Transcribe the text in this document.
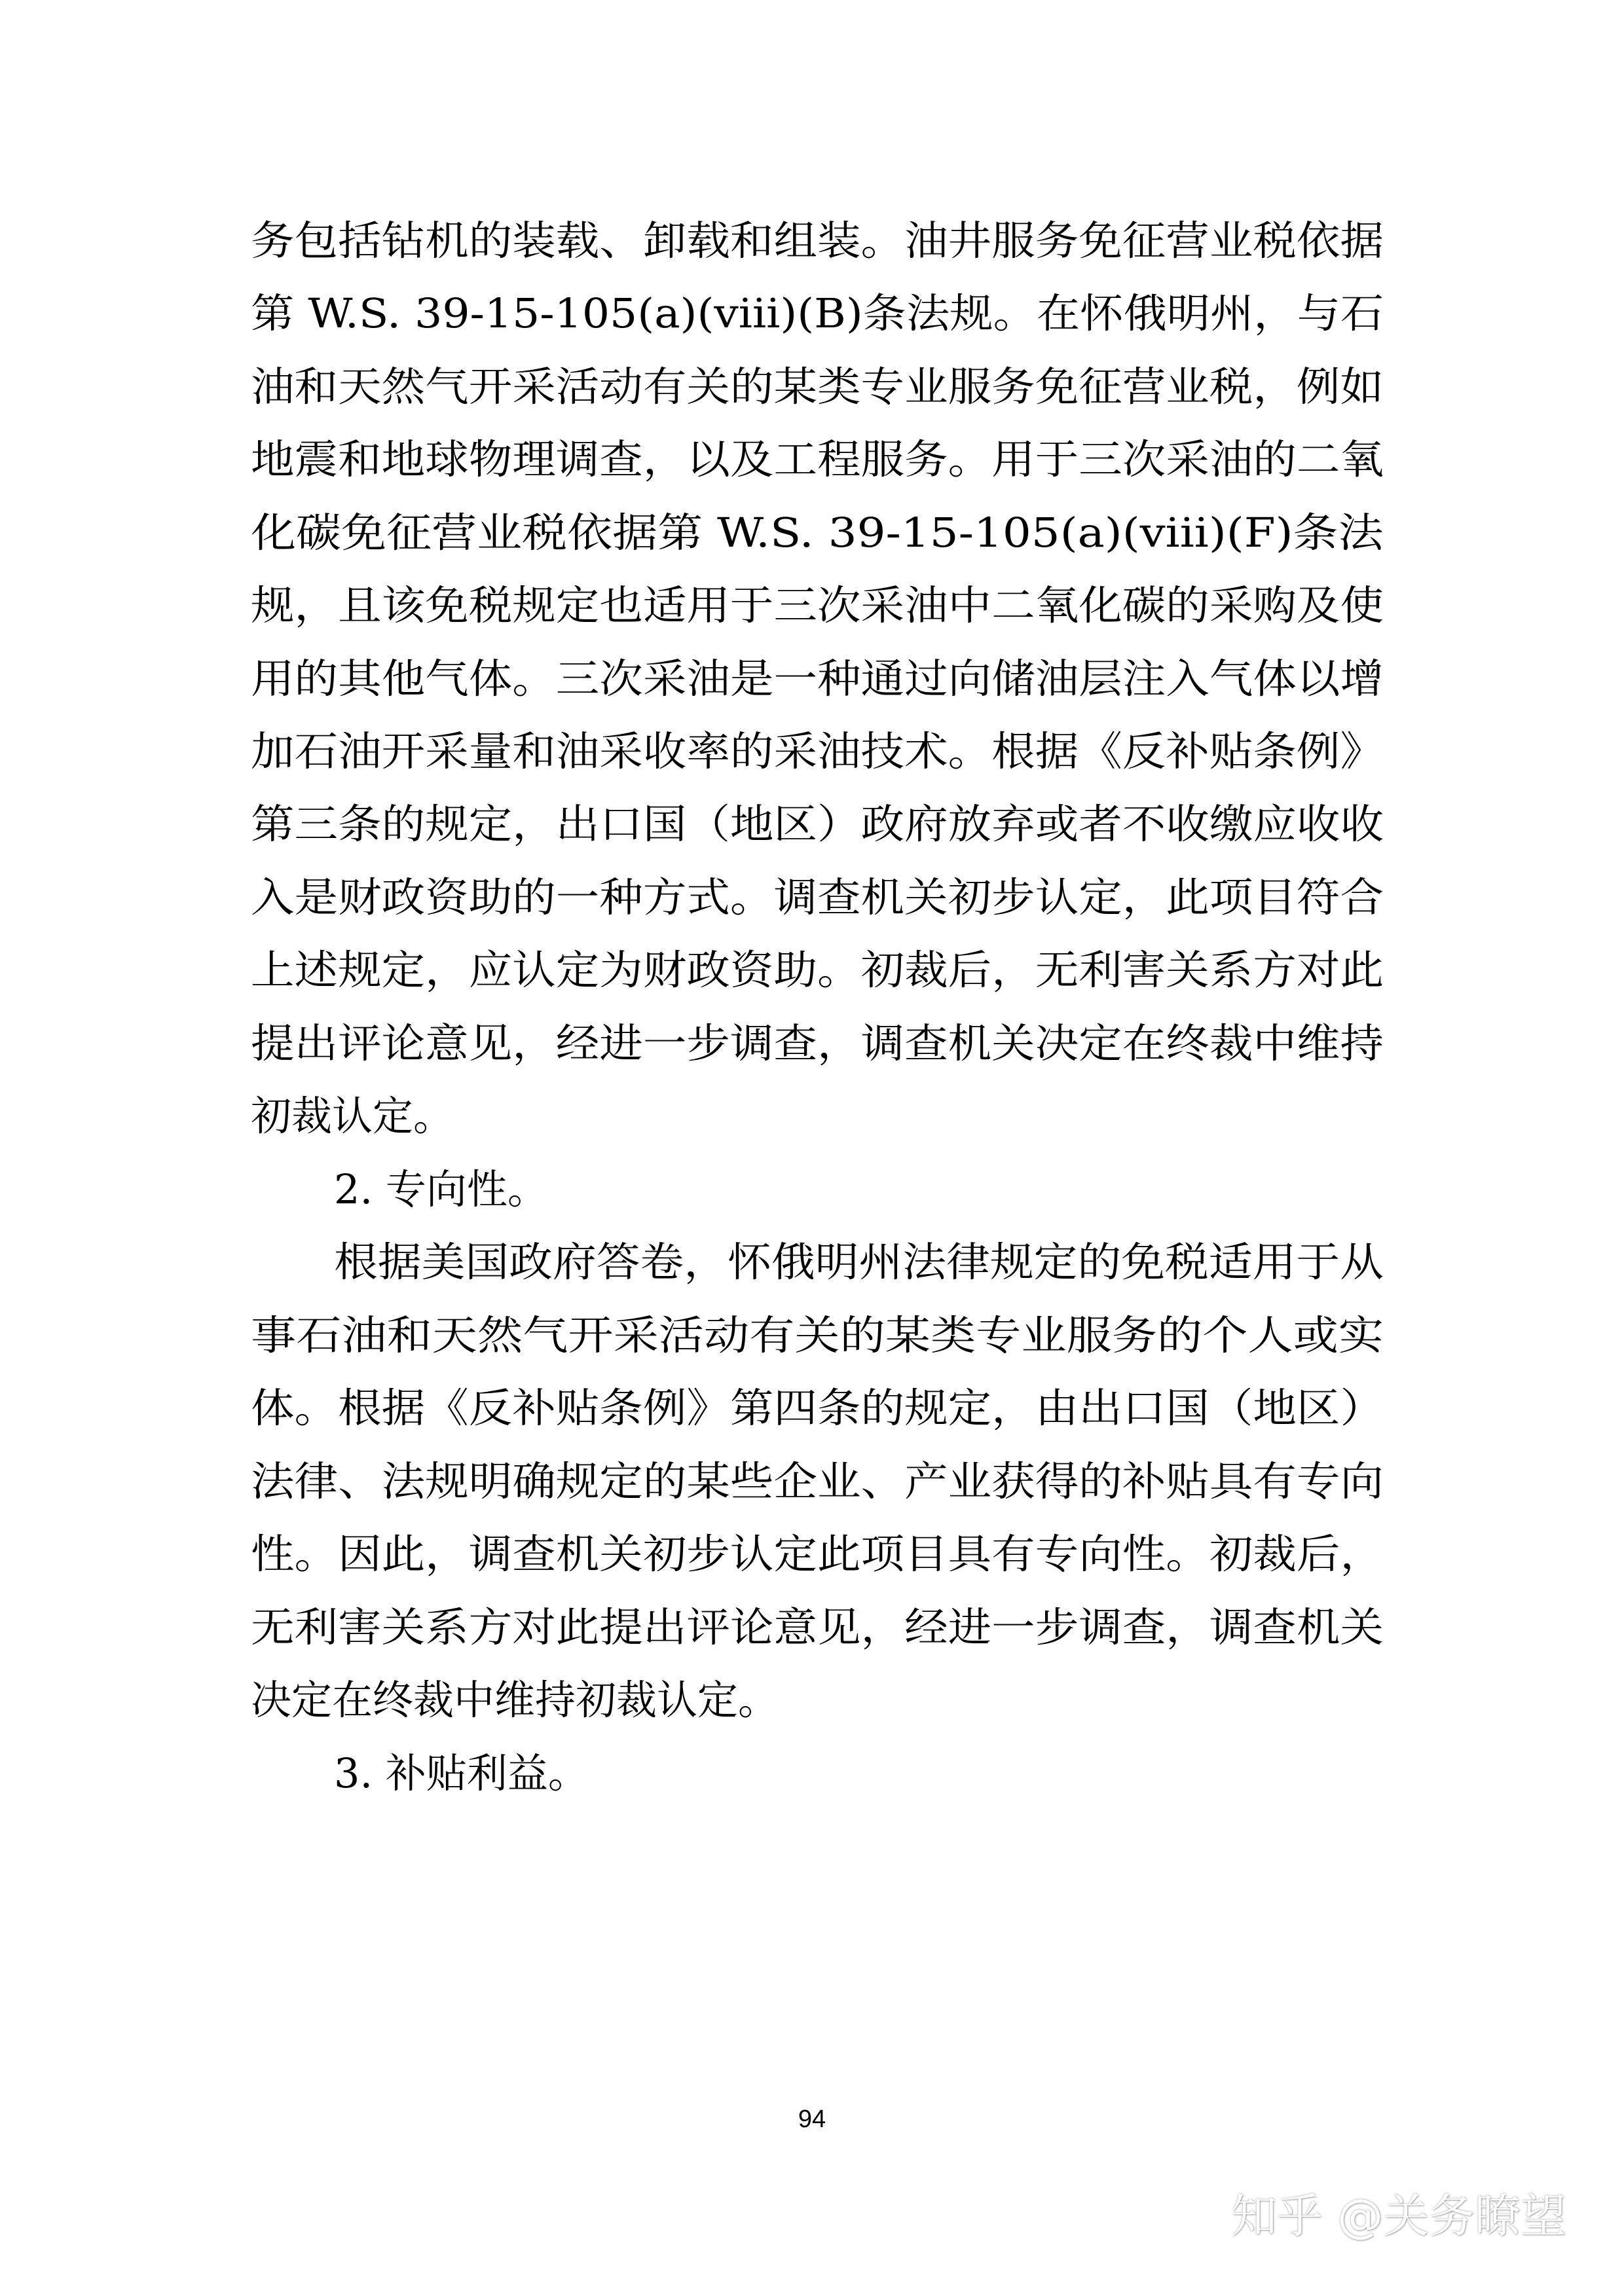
务包括钻机的装载、卸载和组装。油井服务免征营业税依据
第 W.S. 39-15-105(a)(viii)(B)条法规。在怀俄明州，与石
油和天然气开采活动有关的某类专业服务免征营业税，例如
地震和地球物理调查，以及工程服务。用于三次采油的二氧
化碳免征营业税依据第 W.S. 39-15-105(a)(viii)(F)条法
规，且该免税规定也适用于三次采油中二氧化碳的采购及使
用的其他气体。三次采油是一种通过向储油层注入气体以增
加石油开采量和油采收率的采油技术。根据《反补贴条例》
第三条的规定，出口国（地区）政府放弃或者不收缴应收收
入是财政资助的一种方式。调查机关初步认定，此项目符合
上述规定，应认定为财政资助。初裁后，无利害关系方对此
提出评论意见，经进一步调查，调查机关决定在终裁中维持
初裁认定。
2. 专向性。
根据美国政府答卷，怀俄明州法律规定的免税适用于从
事石油和天然气开采活动有关的某类专业服务的个人或实
体。根据《反补贴条例》第四条的规定，由出口国（地区）
法律、法规明确规定的某些企业、产业获得的补贴具有专向
性。因此，调查机关初步认定此项目具有专向性。初裁后，
无利害关系方对此提出评论意见，经进一步调查，调查机关
决定在终裁中维持初裁认定。
3. 补贴利益。
94
知乎 @关务瞭望
